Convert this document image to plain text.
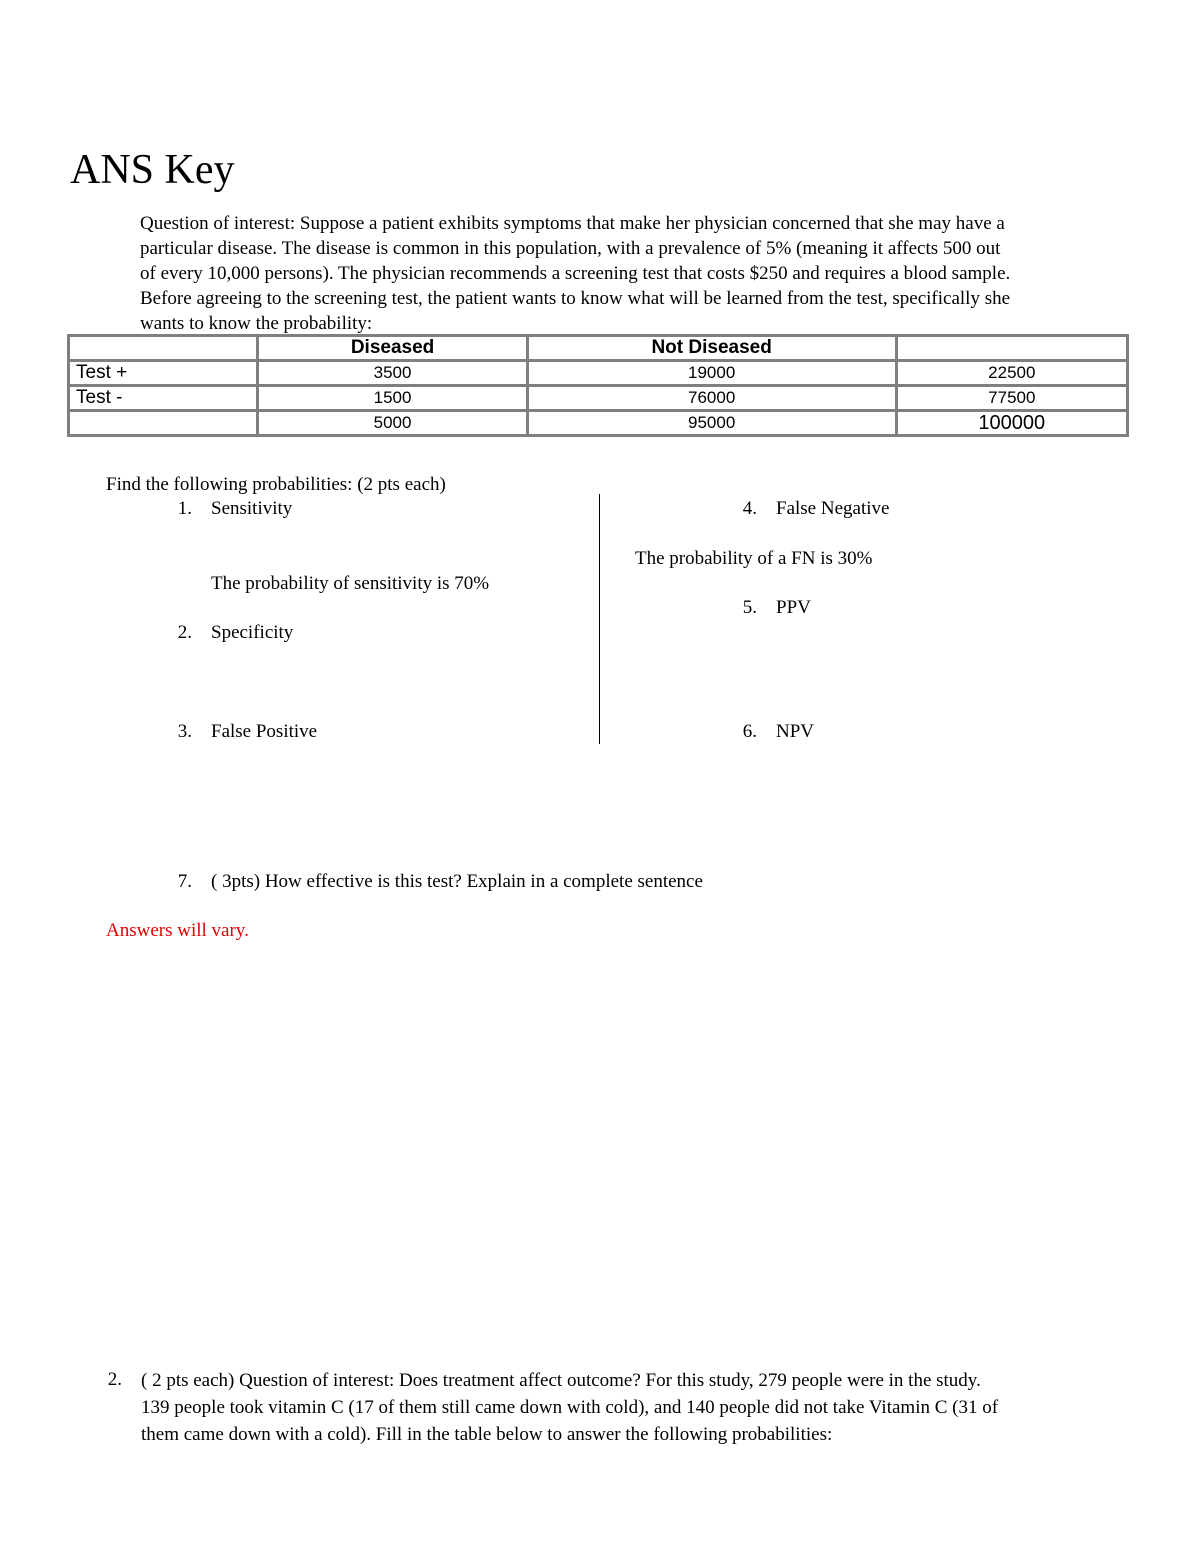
ANS Key
Question of interest: Suppose a patient exhibits symptoms that make her physician concerned that she may have a
particular disease. The disease is common in this population, with a prevalence of 5% (meaning it affects 500 out
of every 10,000 persons). The physician recommends a screening test that costs $250 and requires a blood sample.
Before agreeing to the screening test, the patient wants to know what will be learned from the test, specifically she
wants to know the probability:
	Diseased	Not Diseased	
Test +	3500	19000	22500
Test -	1500	76000	77500
	5000	95000	100000
Find the following probabilities: (2 pts each)
1. Sensitivity
The probability of sensitivity is 70%
2. Specificity
3. False Positive
4. False Negative
The probability of a FN is 30%
5. PPV
6. NPV
7. ( 3pts) How effective is this test? Explain in a complete sentence
Answers will vary.
2. ( 2 pts each) Question of interest: Does treatment affect outcome? For this study, 279 people were in the study.
139 people took vitamin C (17 of them still came down with cold), and 140 people did not take Vitamin C (31 of
them came down with a cold). Fill in the table below to answer the following probabilities:
